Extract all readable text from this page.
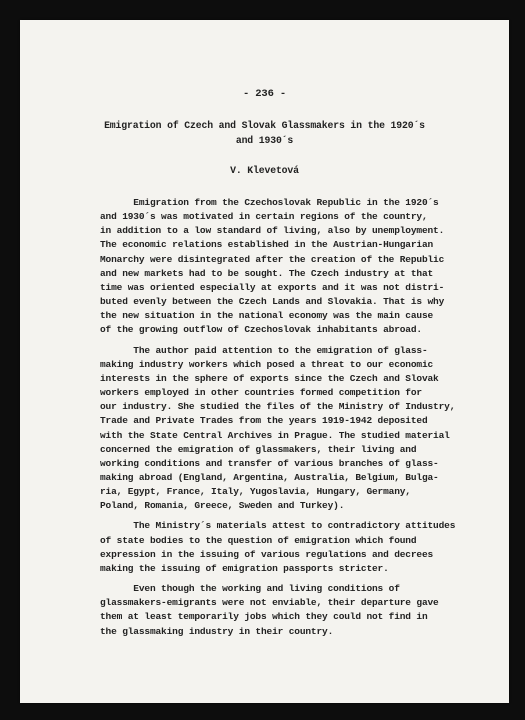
- 236 -
Emigration of Czech and Slovak Glassmakers in the 1920´s
and 1930´s
V. Klevetová
Emigration from the Czechoslovak Republic in the 1920´s
and 1930´s was motivated in certain regions of the country,
in addition to a low standard of living, also by unemployment.
The economic relations established in the Austrian-Hungarian
Monarchy were disintegrated after the creation of the Republic
and new markets had to be sought. The Czech industry at that
time was oriented especially at exports and it was not distri-
buted evenly between the Czech Lands and Slovakia. That is why
the new situation in the national economy was the main cause
of the growing outflow of Czechoslovak inhabitants abroad.
The author paid attention to the emigration of glass-
making industry workers which posed a threat to our economic
interests in the sphere of exports since the Czech and Slovak
workers employed in other countries formed competition for
our industry. She studied the files of the Ministry of Industry,
Trade and Private Trades from the years 1919-1942 deposited
with the State Central Archives in Prague. The studied material
concerned the emigration of glassmakers, their living and
working conditions and transfer of various branches of glass-
making abroad (England, Argentina, Australia, Belgium, Bulga-
ria, Egypt, France, Italy, Yugoslavia, Hungary, Germany,
Poland, Romania, Greece, Sweden and Turkey).
The Ministry´s materials attest to contradictory attitudes
of state bodies to the question of emigration which found
expression in the issuing of various regulations and decrees
making the issuing of emigration passports stricter.
Even though the working and living conditions of
glassmakers-emigrants were not enviable, their departure gave
them at least temporarily jobs which they could not find in
the glassmaking industry in their country.
